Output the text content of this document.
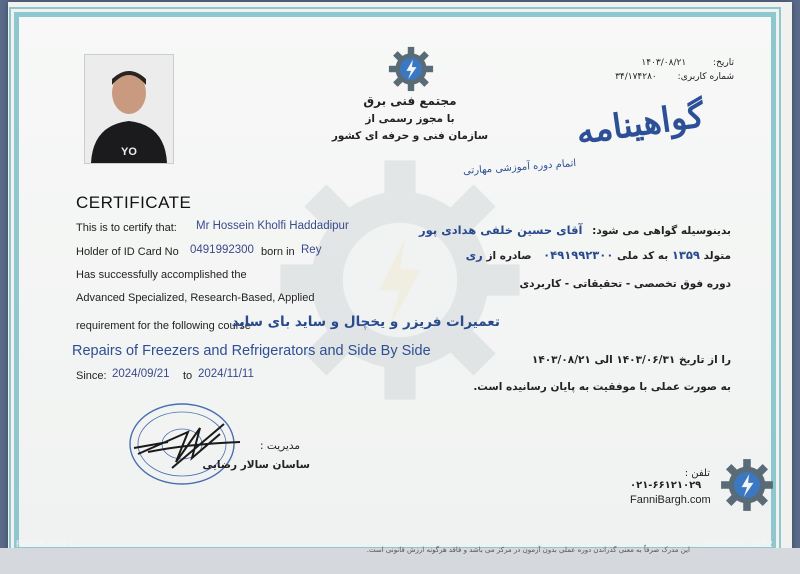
YO
تاریخ: ۱۴۰۳/۰۸/۲۱
شماره کاربری: ۳۴/۱۷۴۲۸۰
مجتمع فنی برق
با مجوز رسمی از
سازمان فنی و حرفه ای کشور	گواهینامه
اتمام دوره آموزشی مهارتی
CERTIFICATE
This is to certify that: Mr Hossein Kholfi Haddadipur
Holder of ID Card No 0491992300 born in Rey
Has successfully accomplished the
Advanced Specialized, Research-Based, Applied
requirement for the following course
Repairs of Freezers and Refrigerators and Side By Side
Since: 2024/09/21 to 2024/11/11
بدینوسیله گواهی می شود: آقای حسین خلفی هدادی پور
متولد ۱۳۵۹ به کد ملی ۰۴۹۱۹۹۲۳۰۰ صادره از ری
دوره فوق تخصصی - تحقیقاتی - کاربردی
تعمیرات فریزر و یخچال و ساید بای ساید
را از تاریخ ۱۴۰۳/۰۶/۳۱ الی ۱۴۰۳/۰۸/۲۱
به صورت عملی با موفقیت به پایان رسانیده است.
مدیریت :
ساسان سالار رضایی
تلفن :
۰۲۱-۶۶۱۲۱۰۲۹
FanniBargh.com
این مدرک صرفاً به معنی گذراندن دوره عملی بدون آزمون در مرکز می باشد و فاقد هرگونه ارزش قانونی است.
REDMI Note 13	2024/11/25 14:52
